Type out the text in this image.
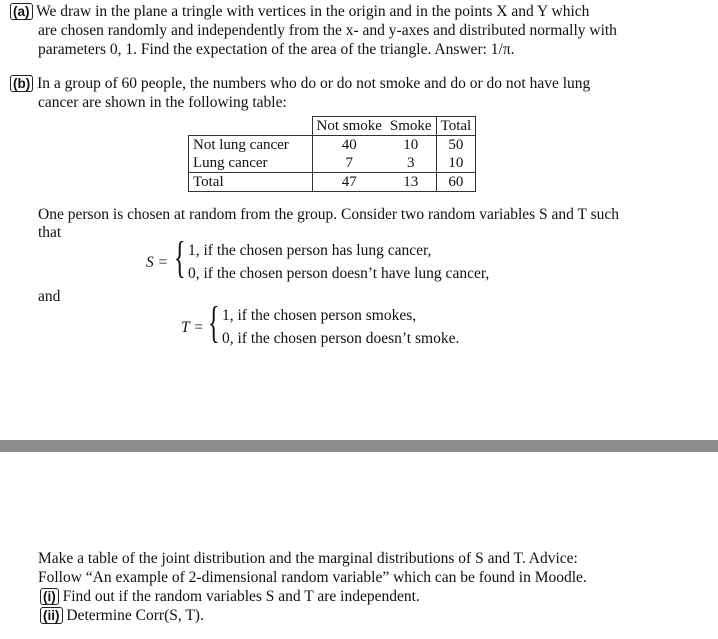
(a) We draw in the plane a tringle with vertices in the origin and in the points X and Y which
are chosen randomly and independently from the x- and y-axes and distributed normally with
parameters 0, 1. Find the expectation of the area of the triangle. Answer: 1/π.
(b) In a group of 60 people, the numbers who do or do not smoke and do or do not have lung
cancer are shown in the following table:
	Not smoke	Smoke	Total
Not lung cancer	40	10	50
Lung cancer	7	3	10
Total	47	13	60
One person is chosen at random from the group. Consider two random variables S and T such
that
S = { 1, if the chosen person has lung cancer,
0, if the chosen person doesn’t have lung cancer,
and
T = { 1, if the chosen person smokes,
0, if the chosen person doesn’t smoke.
Make a table of the joint distribution and the marginal distributions of S and T. Advice:
Follow “An example of 2-dimensional random variable” which can be found in Moodle.
(i) Find out if the random variables S and T are independent.
(ii) Determine Corr(S, T).
